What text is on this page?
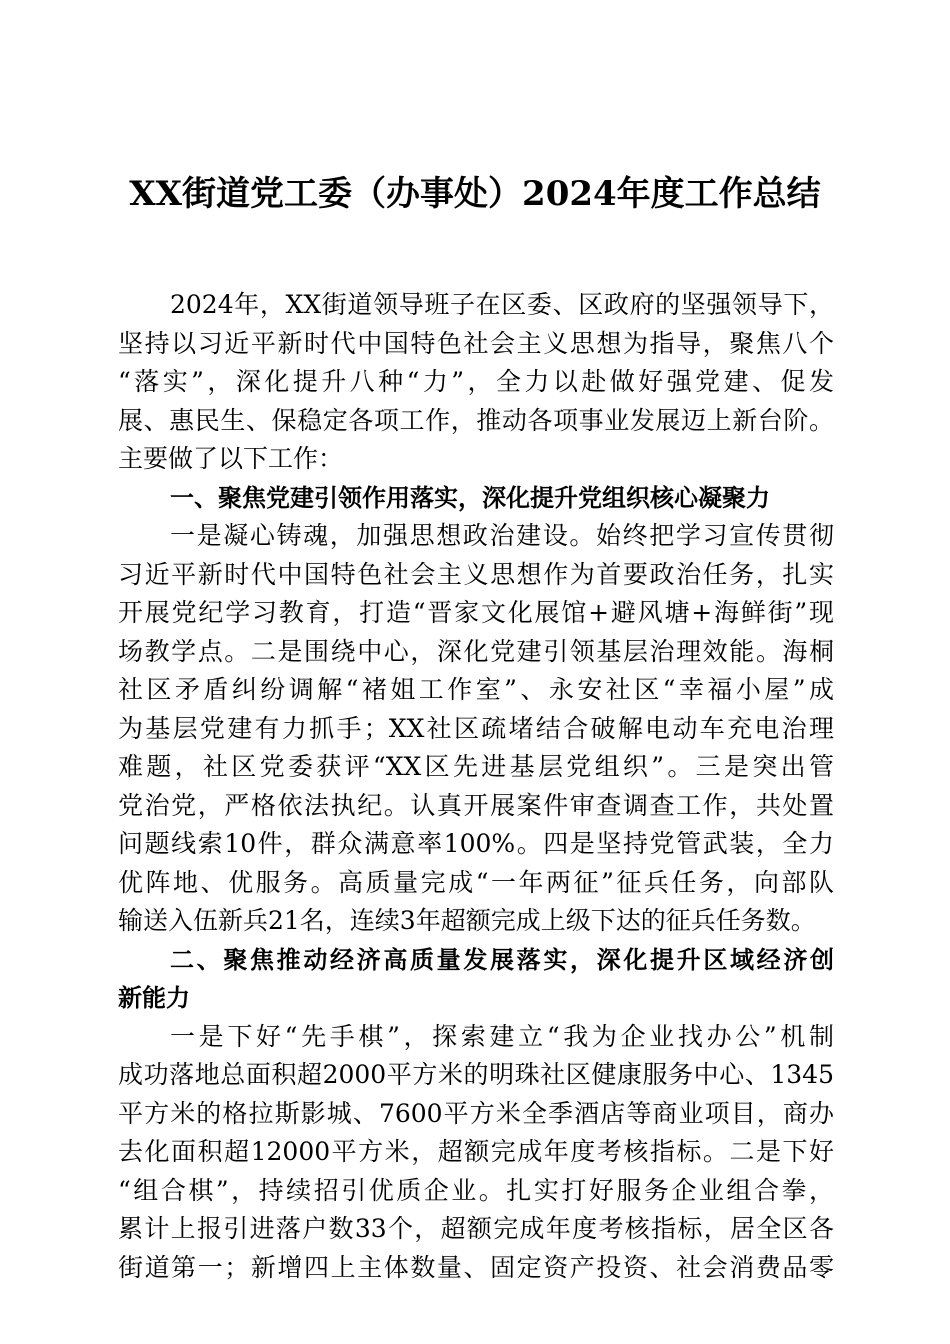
XX街道党工委（办事处）2024年度工作总结
2024年，XX街道领导班子在区委、区政府的坚强领导下，
坚持以习近平新时代中国特色社会主义思想为指导，聚焦八个
“落实”，深化提升八种“力”，全力以赴做好强党建、促发
展、惠民生、保稳定各项工作，推动各项事业发展迈上新台阶。
主要做了以下工作：
一、聚焦党建引领作用落实，深化提升党组织核心凝聚力
一是凝心铸魂，加强思想政治建设。始终把学习宣传贯彻
习近平新时代中国特色社会主义思想作为首要政治任务，扎实
开展党纪学习教育，打造“晋家文化展馆+避风塘+海鲜街”现
场教学点。二是围绕中心，深化党建引领基层治理效能。海桐
社区矛盾纠纷调解“褚姐工作室”、永安社区“幸福小屋”成
为基层党建有力抓手；XX社区疏堵结合破解电动车充电治理
难题，社区党委获评“XX区先进基层党组织”。三是突出管
党治党，严格依法执纪。认真开展案件审查调查工作，共处置
问题线索10件，群众满意率100%。四是坚持党管武装，全力
优阵地、优服务。高质量完成“一年两征”征兵任务，向部队
输送入伍新兵21名，连续3年超额完成上级下达的征兵任务数。
二、聚焦推动经济高质量发展落实，深化提升区域经济创
新能力
一是下好“先手棋”，探索建立“我为企业找办公”机制
成功落地总面积超2000平方米的明珠社区健康服务中心、1345
平方米的格拉斯影城、7600平方米全季酒店等商业项目，商办
去化面积超12000平方米，超额完成年度考核指标。二是下好
“组合棋”，持续招引优质企业。扎实打好服务企业组合拳，
累计上报引进落户数33个，超额完成年度考核指标，居全区各
街道第一；新增四上主体数量、固定资产投资、社会消费品零
